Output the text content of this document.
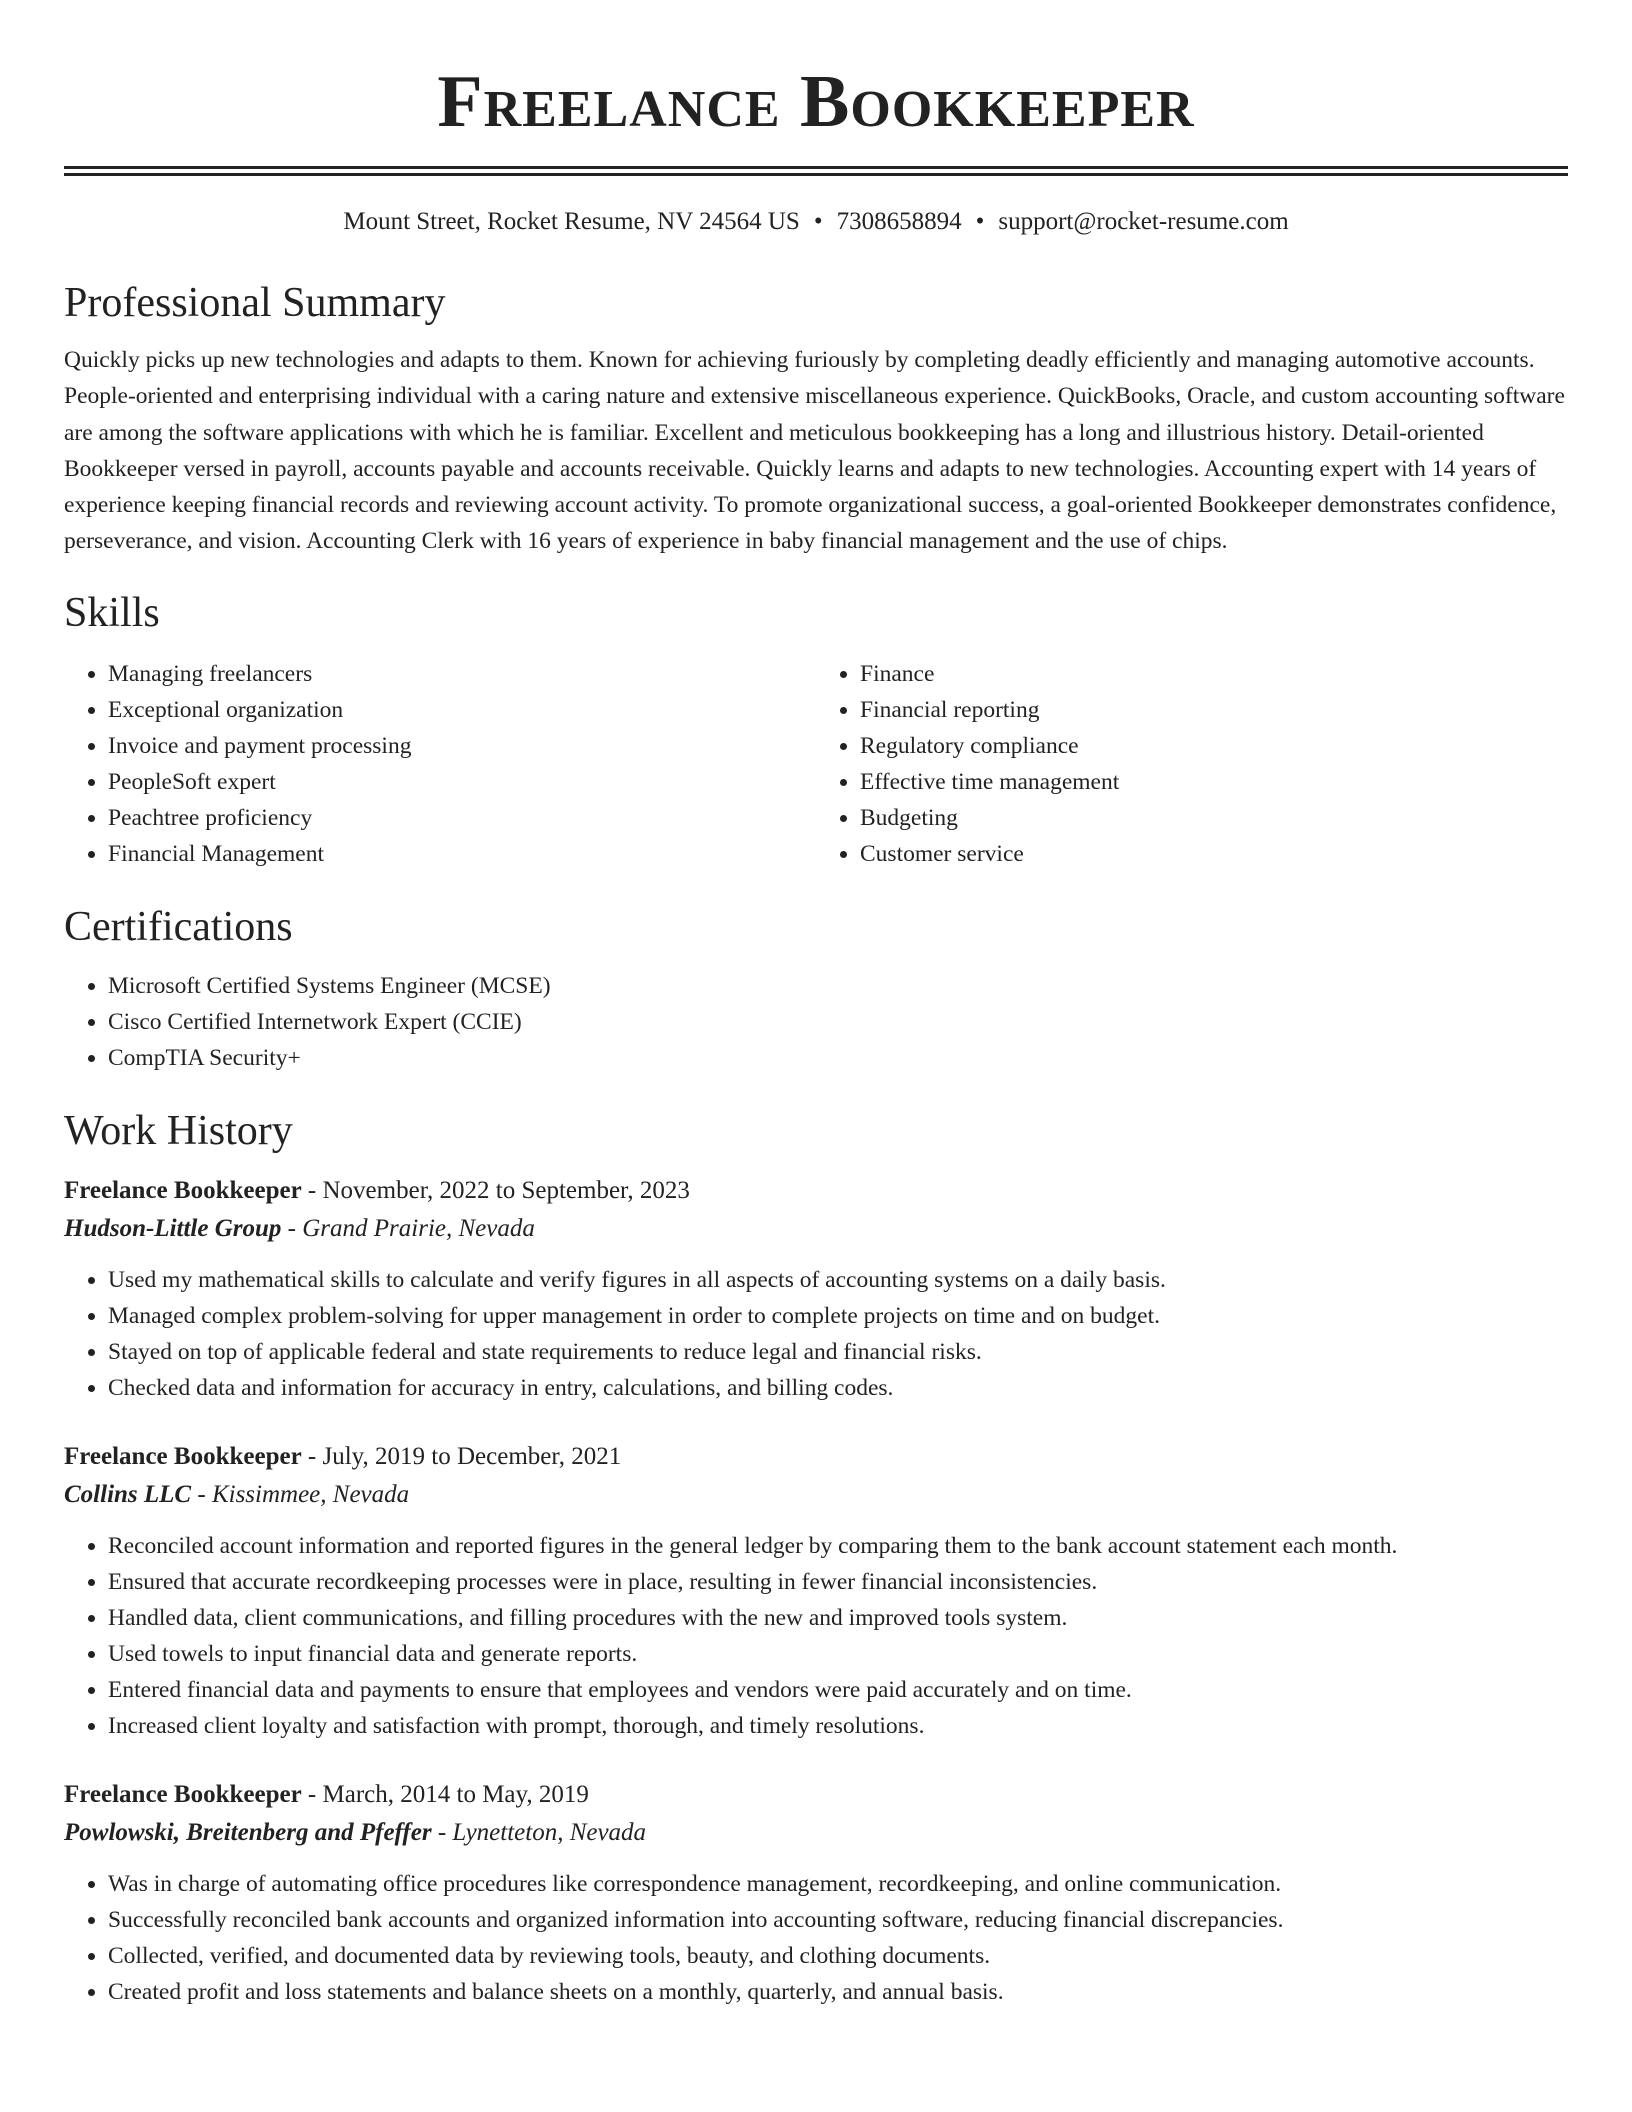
Freelance Bookkeeper
Mount Street, Rocket Resume, NV 24564 US • 7308658894 • support@rocket-resume.com
Professional Summary
Quickly picks up new technologies and adapts to them. Known for achieving furiously by completing deadly efficiently and managing automotive accounts. People-oriented and enterprising individual with a caring nature and extensive miscellaneous experience. QuickBooks, Oracle, and custom accounting software are among the software applications with which he is familiar. Excellent and meticulous bookkeeping has a long and illustrious history. Detail-oriented Bookkeeper versed in payroll, accounts payable and accounts receivable. Quickly learns and adapts to new technologies. Accounting expert with 14 years of experience keeping financial records and reviewing account activity. To promote organizational success, a goal-oriented Bookkeeper demonstrates confidence, perseverance, and vision. Accounting Clerk with 16 years of experience in baby financial management and the use of chips.
Skills
• Managing freelancers
• Exceptional organization
• Invoice and payment processing
• PeopleSoft expert
• Peachtree proficiency
• Financial Management
• Finance
• Financial reporting
• Regulatory compliance
• Effective time management
• Budgeting
• Customer service
Certifications
• Microsoft Certified Systems Engineer (MCSE)
• Cisco Certified Internetwork Expert (CCIE)
• CompTIA Security+
Work History
Freelance Bookkeeper - November, 2022 to September, 2023
Hudson-Little Group - Grand Prairie, Nevada
• Used my mathematical skills to calculate and verify figures in all aspects of accounting systems on a daily basis.
• Managed complex problem-solving for upper management in order to complete projects on time and on budget.
• Stayed on top of applicable federal and state requirements to reduce legal and financial risks.
• Checked data and information for accuracy in entry, calculations, and billing codes.
Freelance Bookkeeper - July, 2019 to December, 2021
Collins LLC - Kissimmee, Nevada
• Reconciled account information and reported figures in the general ledger by comparing them to the bank account statement each month.
• Ensured that accurate recordkeeping processes were in place, resulting in fewer financial inconsistencies.
• Handled data, client communications, and filling procedures with the new and improved tools system.
• Used towels to input financial data and generate reports.
• Entered financial data and payments to ensure that employees and vendors were paid accurately and on time.
• Increased client loyalty and satisfaction with prompt, thorough, and timely resolutions.
Freelance Bookkeeper - March, 2014 to May, 2019
Powlowski, Breitenberg and Pfeffer - Lynetteton, Nevada
• Was in charge of automating office procedures like correspondence management, recordkeeping, and online communication.
• Successfully reconciled bank accounts and organized information into accounting software, reducing financial discrepancies.
• Collected, verified, and documented data by reviewing tools, beauty, and clothing documents.
• Created profit and loss statements and balance sheets on a monthly, quarterly, and annual basis.
